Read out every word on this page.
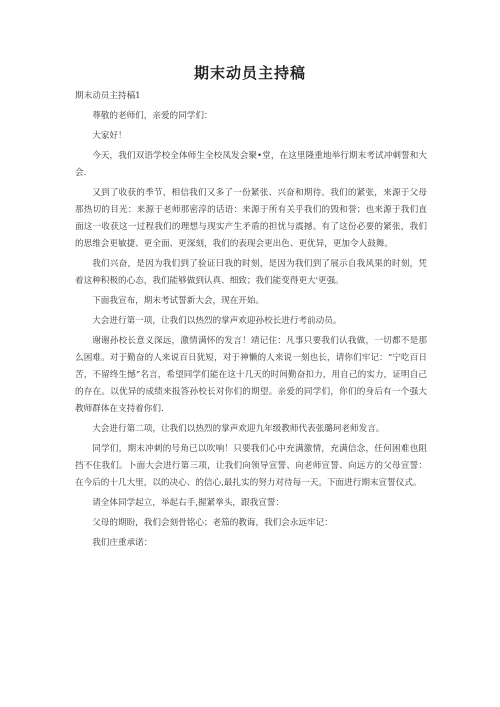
期末动员主持稿

期末动员主持稿1

尊敬的老师们，亲爱的同学们：

大家好！

今天，我们双语学校全体师生全校凤发会聚•堂，在这里隆重地举行期末考试冲刺誓和大会.

又到了收获的季节，相信我们又多了一份紧张、兴奋和期待。我们的紧张，来源于父母那热切的目光：来源于老师那密淳的话语：来源于所有关乎我们的毁和誉；也来源于我们直面这一收获这一过程我们的理想与现实产生矛盾的担忧与震撼。有了这份必要的紧张，我们的思维会更敏捷、更全面、更深刻，我们的表现会更出色、更优异，更加令人鼓舞。

我们兴奋，是因为我们到了验证曰我的时刻，是因为我们到了展示自我风果的时刻，凭着这种积极的心态，我们能够做到认真、细致；我们能变得更大'更强。

下面我宣布，期末考试誓新大会，现在开始。

大会进行第一项，让我们以热烈的掌声欢迎孙校长进行考前动员。

谢谢孙校长意义深远，激情满怀的发言！靖记住：凡事只要我们认我做，一切都不是那么困难。对于勤奋的人来说百日犹短，对于神懒的人来说一刻也长，请你们牢记：“宁吃百日苦，不留终生憾”名言，希望同学们能在这十几天的时间勤奋扣力，用自己的实力，证明自己的存在。以优异的成绩来报答孙校长对你们的期望。亲爱的同学们，你们的身后有一个强大教师群体在支持着你们.

大会进行第二项，让我们以热烈的掌声欢迎九年级教师代表张璐珂老师发言。

同学们，期末冲刺的号角已以吹响！只要我们心中充满激情，充满信念，任何困难也阻挡不住我们。卜面大会进行第三项，让我们向领导宣誓、向老师宣誓、向远方的父母宣誓：在今后的十几大里，以的决心、的信心,最扎实的努力对待每一天。下面进行期末宣誓仪式。

请全体同学起立，举起右手,握紧拳头，跟我宣誓：

父母的期盼，我们会刻骨铭心；老笳的教诲，我们会永远牢记：

我们庄重承诺：
